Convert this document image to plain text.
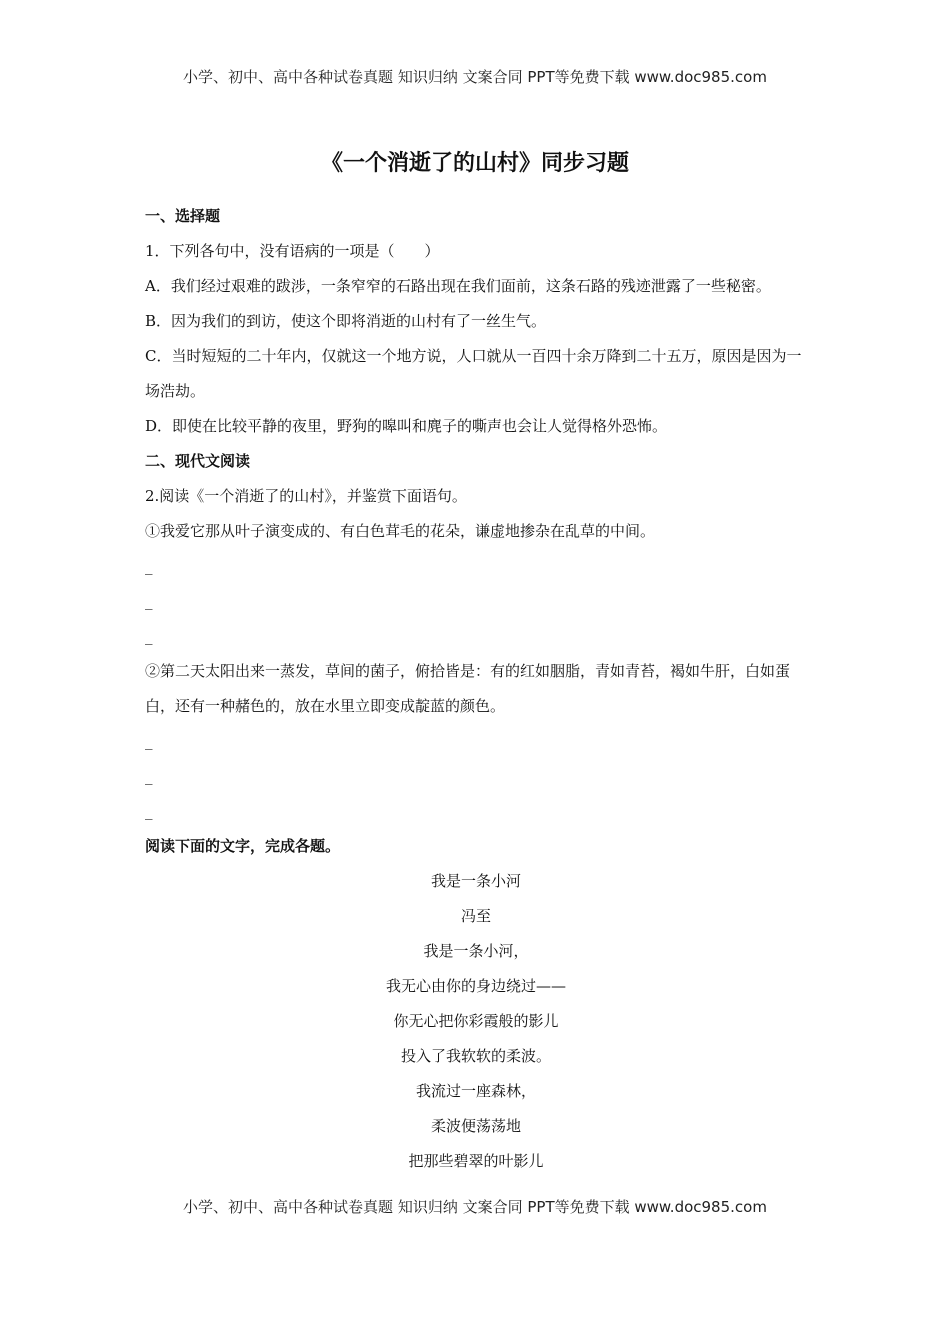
小学、初中、高中各种试卷真题 知识归纳 文案合同 PPT等免费下载 www.doc985.com
《一个消逝了的山村》同步习题

一、选择题

1．下列各句中，没有语病的一项是（　　）

A．我们经过艰难的跋涉，一条窄窄的石路出现在我们面前，这条石路的残迹泄露了一些秘密。

B．因为我们的到访，使这个即将消逝的山村有了一丝生气。

C．当时短短的二十年内，仅就这一个地方说，人口就从一百四十余万降到二十五万，原因是因为一场浩劫。

D．即使在比较平静的夜里，野狗的嗥叫和麂子的嘶声也会让人觉得格外恐怖。

二、现代文阅读

2.阅读《一个消逝了的山村》，并鉴赏下面语句。

①我爱它那从叶子演变成的、有白色茸毛的花朵，谦虚地掺杂在乱草的中间。

_

_

_

②第二天太阳出来一蒸发，草间的菌子，俯拾皆是：有的红如胭脂，青如青苔，褐如牛肝，白如蛋白，还有一种赭色的，放在水里立即变成靛蓝的颜色。

_

_

_

阅读下面的文字，完成各题。

我是一条小河

冯至

我是一条小河，

我无心由你的身边绕过——

你无心把你彩霞般的影儿

投入了我软软的柔波。

我流过一座森林，

柔波便荡荡地

把那些碧翠的叶影儿

小学、初中、高中各种试卷真题 知识归纳 文案合同 PPT等免费下载 www.doc985.com
